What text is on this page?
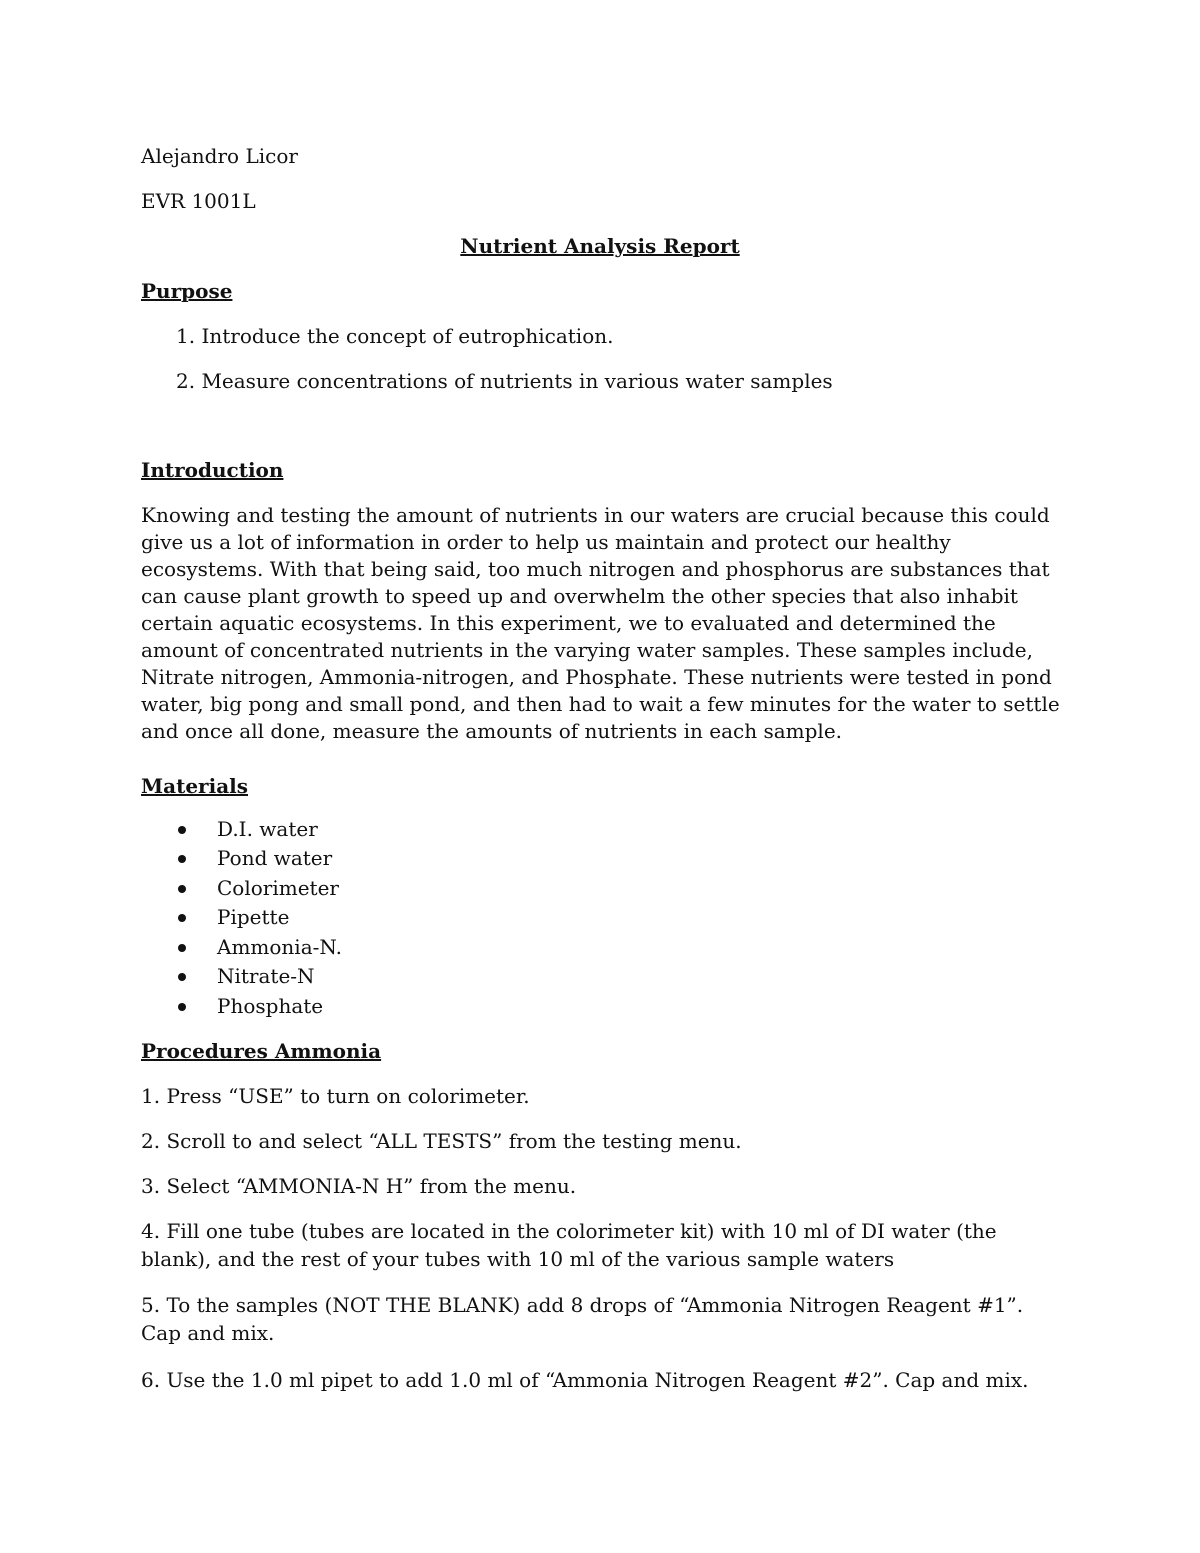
Alejandro Licor
EVR 1001L
Nutrient Analysis Report
Purpose
1. Introduce the concept of eutrophication.
2. Measure concentrations of nutrients in various water samples
Introduction
Knowing and testing the amount of nutrients in our waters are crucial because this could give us a lot of information in order to help us maintain and protect our healthy ecosystems. With that being said, too much nitrogen and phosphorus are substances that can cause plant growth to speed up and overwhelm the other species that also inhabit certain aquatic ecosystems. In this experiment, we to evaluated and determined the amount of concentrated nutrients in the varying water samples. These samples include, Nitrate nitrogen, Ammonia-nitrogen, and Phosphate. These nutrients were tested in pond water, big pong and small pond, and then had to wait a few minutes for the water to settle and once all done, measure the amounts of nutrients in each sample.
Materials
D.I. water
Pond water
Colorimeter
Pipette
Ammonia-N.
Nitrate-N
Phosphate
Procedures Ammonia
1. Press “USE” to turn on colorimeter.
2. Scroll to and select “ALL TESTS” from the testing menu.
3. Select “AMMONIA-N H” from the menu.
4. Fill one tube (tubes are located in the colorimeter kit) with 10 ml of DI water (the blank), and the rest of your tubes with 10 ml of the various sample waters
5. To the samples (NOT THE BLANK) add 8 drops of “Ammonia Nitrogen Reagent #1”. Cap and mix.
6. Use the 1.0 ml pipet to add 1.0 ml of “Ammonia Nitrogen Reagent #2”. Cap and mix.
